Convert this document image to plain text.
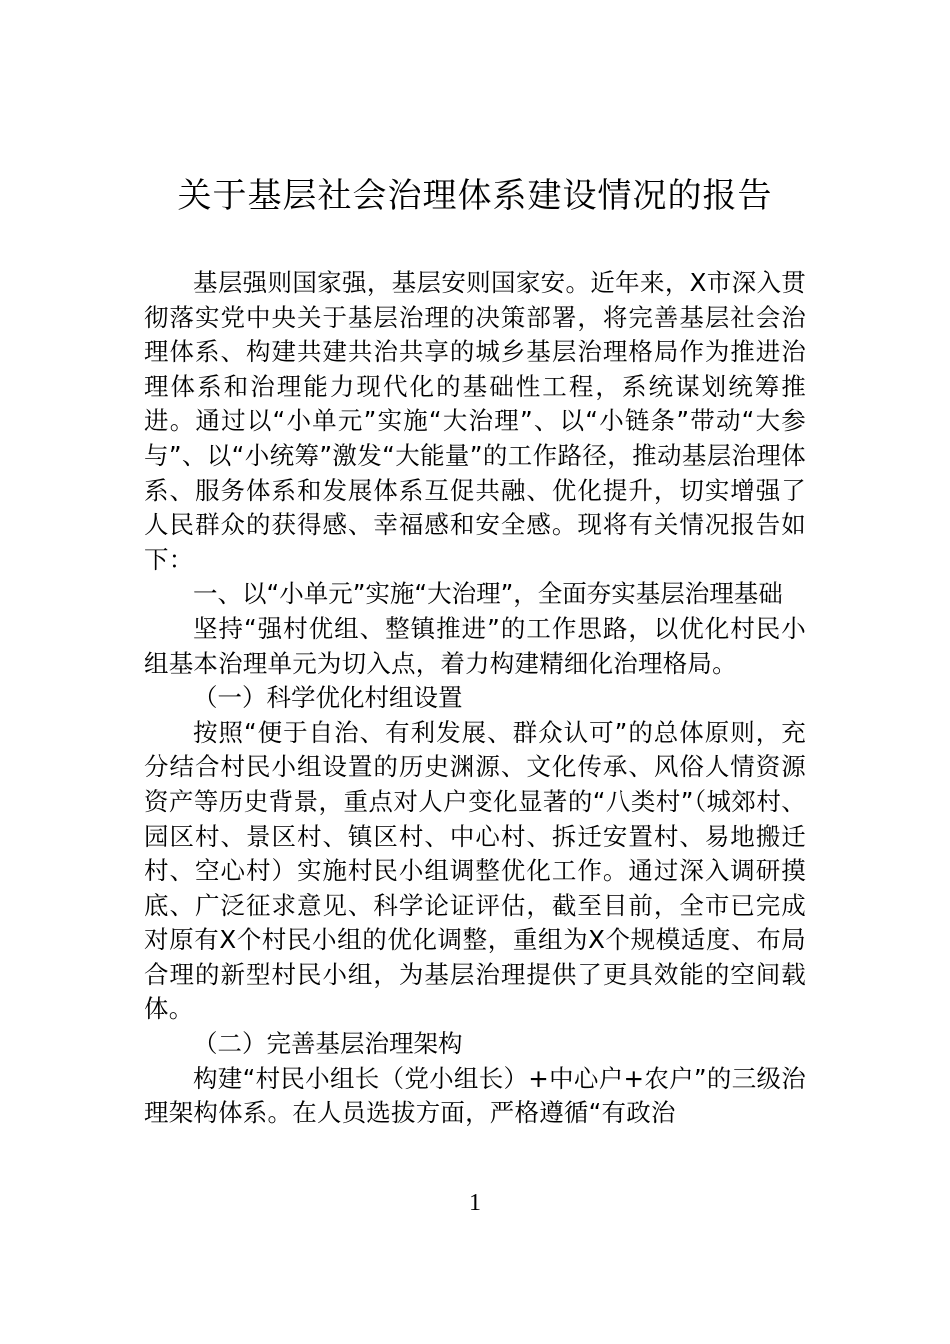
关于基层社会治理体系建设情况的报告

基层强则国家强，基层安则国家安。近年来，X市深入贯彻落实党中央关于基层治理的决策部署，将完善基层社会治理体系、构建共建共治共享的城乡基层治理格局作为推进治理体系和治理能力现代化的基础性工程，系统谋划统筹推进。通过以“小单元”实施“大治理”、以“小链条”带动“大参与”、以“小统筹”激发“大能量”的工作路径，推动基层治理体系、服务体系和发展体系互促共融、优化提升，切实增强了人民群众的获得感、幸福感和安全感。现将有关情况报告如下：

一、以“小单元”实施“大治理”，全面夯实基层治理基础

坚持“强村优组、整镇推进”的工作思路，以优化村民小组基本治理单元为切入点，着力构建精细化治理格局。

（一）科学优化村组设置

按照“便于自治、有利发展、群众认可”的总体原则，充分结合村民小组设置的历史渊源、文化传承、风俗人情资源资产等历史背景，重点对人户变化显著的“八类村”（城郊村、园区村、景区村、镇区村、中心村、拆迁安置村、易地搬迁村、空心村）实施村民小组调整优化工作。通过深入调研摸底、广泛征求意见、科学论证评估，截至目前，全市已完成对原有X个村民小组的优化调整，重组为X个规模适度、布局合理的新型村民小组，为基层治理提供了更具效能的空间载体。

（二）完善基层治理架构

构建“村民小组长（党小组长）+中心户+农户”的三级治理架构体系。在人员选拔方面，严格遵循“有政治

1
